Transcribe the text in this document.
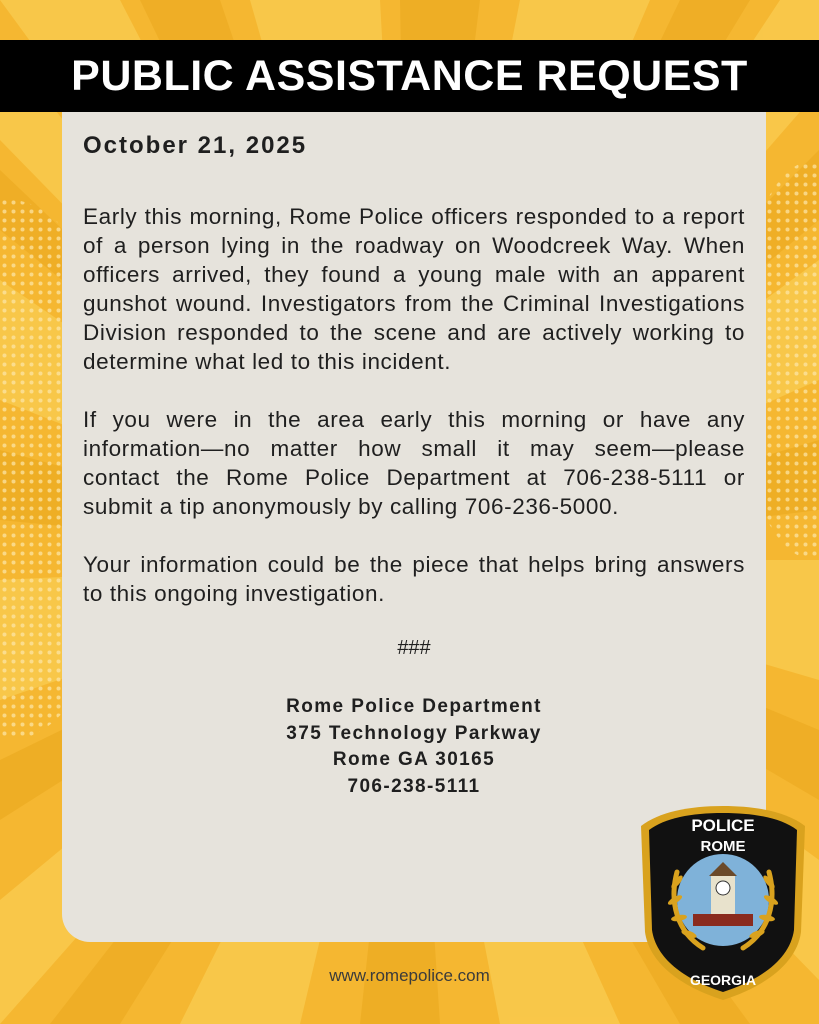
PUBLIC ASSISTANCE REQUEST
October 21, 2025

Early this morning, Rome Police officers responded to a report of a person lying in the roadway on Woodcreek Way. When officers arrived, they found a young male with an apparent gunshot wound. Investigators from the Criminal Investigations Division responded to the scene and are actively working to determine what led to this incident.

If you were in the area early this morning or have any information—no matter how small it may seem—please contact the Rome Police Department at 706-238-5111 or submit a tip anonymously by calling 706-236-5000.

Your information could be the piece that helps bring answers to this ongoing investigation.

###
Rome Police Department
375 Technology Parkway
Rome GA 30165
706-238-5111
www.romepolice.com
POLICE
ROME
GEORGIA
